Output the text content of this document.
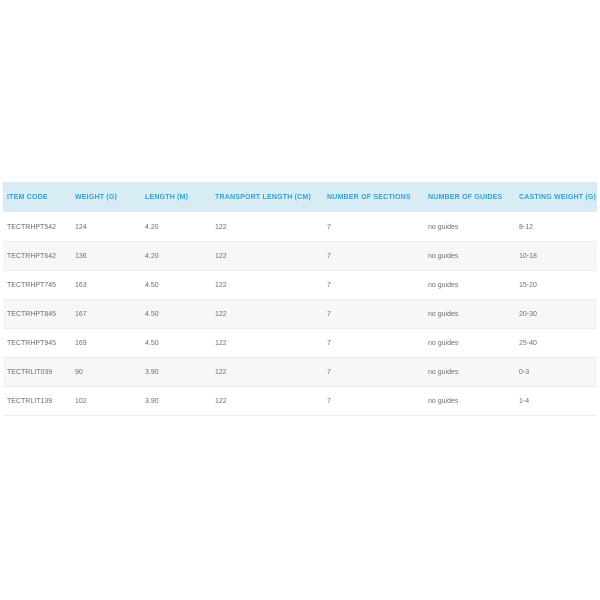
ITEM CODE	WEIGHT (G)	LENGTH (M)	TRANSPORT LENGTH (CM)	NUMBER OF SECTIONS	NUMBER OF GUIDES	CASTING WEIGHT (G)
TECTRHPT542	124	4.20	122	7	no guides	8-12
TECTRHPT642	136	4.20	122	7	no guides	10-18
TECTRHPT745	163	4.50	122	7	no guides	15-20
TECTRHPT845	167	4.50	122	7	no guides	20-30
TECTRHPT945	169	4.50	122	7	no guides	25-40
TECTRLIT039	90	3.90	122	7	no guides	0-3
TECTRLIT139	102	3.90	122	7	no guides	1-4
